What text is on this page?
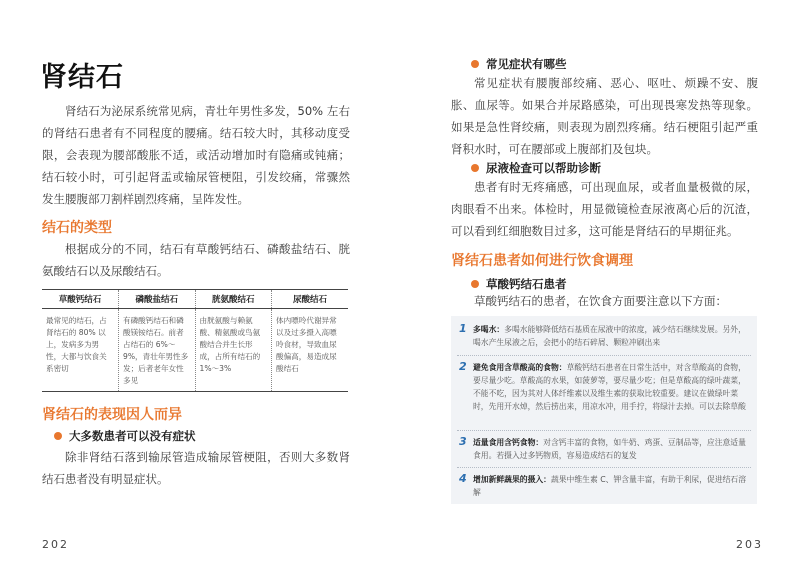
肾结石

肾结石为泌尿系统常见病，青壮年男性多发，50% 左右的肾结石患者有不同程度的腰痛。结石较大时，其移动度受限，会表现为腰部酸胀不适，或活动增加时有隐痛或钝痛；结石较小时，可引起肾盂或输尿管梗阻，引发绞痛，常骤然发生腰腹部刀割样剧烈疼痛，呈阵发性。

结石的类型

根据成分的不同，结石有草酸钙结石、磷酸盐结石、胱氨酸结石以及尿酸结石。

草酸钙结石	磷酸盐结石	胱氨酸结石	尿酸结石
最常见的结石，占肾结石的 80% 以上，发病多为男性，大都与饮食关系密切	有磷酸钙结石和磷酸镁铵结石。前者占结石的 6%～9%，青壮年男性多发；后者老年女性多见	由胱氨酸与赖氨酸、精氨酸或鸟氨酸结合并生长形成，占所有结石的 1%～3%	体内嘌呤代谢异常以及过多摄入高嘌呤食材，导致血尿酸偏高，易造成尿酸结石
肾结石的表现因人而异
大多数患者可以没有症状

除非肾结石落到输尿管造成输尿管梗阻，否则大多数肾结石患者没有明显症状。

202
常见症状有哪些

常见症状有腰腹部绞痛、恶心、呕吐、烦躁不安、腹胀、血尿等。如果合并尿路感染，可出现畏寒发热等现象。如果是急性肾绞痛，则表现为剧烈疼痛。结石梗阻引起严重肾积水时，可在腰部或上腹部扪及包块。

尿液检查可以帮助诊断

患者有时无疼痛感，可出现血尿，或者血量极微的尿，肉眼看不出来。体检时，用显微镜检查尿液离心后的沉渣，可以看到红细胞数目过多，这可能是肾结石的早期征兆。

肾结石患者如何进行饮食调理
草酸钙结石患者

草酸钙结石的患者，在饮食方面要注意以下方面：

1 多喝水：多喝水能够降低结石基质在尿液中的浓度，减少结石继续发展。另外，喝水产生尿液之后，会把小的结石碎屑、颗粒冲刷出来
2 避免食用含草酸高的食物：草酸钙结石患者在日常生活中，对含草酸高的食物，要尽量少吃。草酸高的水果，如菠萝等，要尽量少吃；但是草酸高的绿叶蔬菜，不能不吃，因为其对人体纤维素以及维生素的获取比较重要。建议在做绿叶菜时，先用开水焯，然后捞出来，用凉水冲，用手拧，将绿汁去掉。可以去除草酸
3 适量食用含钙食物：对含钙丰富的食物，如牛奶、鸡蛋、豆制品等，应注意适量食用。若摄入过多钙物质，容易造成结石的复发
4 增加新鲜蔬果的摄入：蔬果中维生素 C、钾含量丰富，有助于利尿，促进结石溶解
203
